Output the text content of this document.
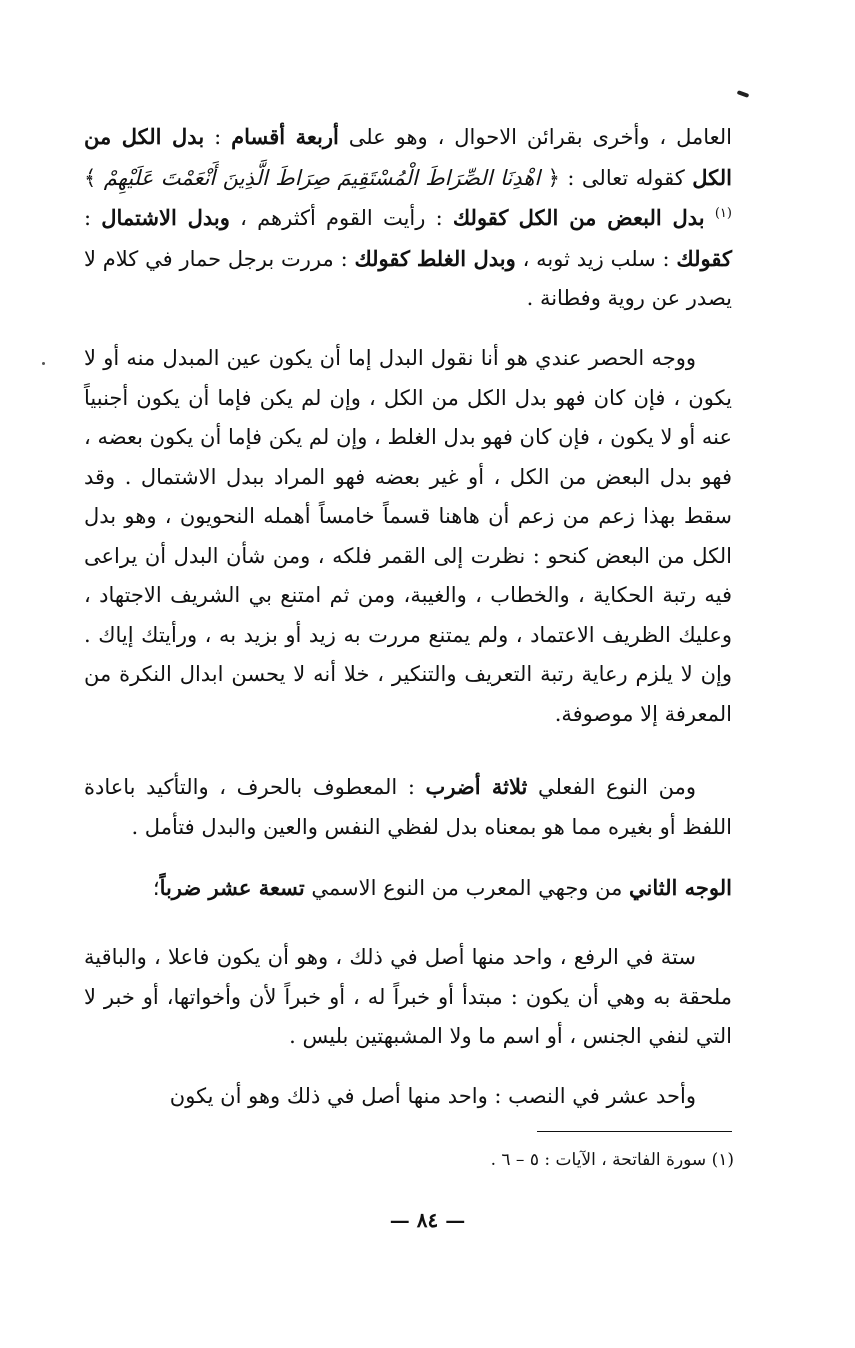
العامل ، وأخرى بقرائن الاحوال ، وهو على أربعة أقسام : بدل الكل من الكل كقوله تعالى : ﴿ اهْدِنَا الصِّرَاطَ الْمُسْتَقِيمَ صِرَاطَ الَّذِينَ أَنْعَمْتَ عَلَيْهِمْ ﴾ $^{(١)}$ بدل البعض من الكل كقولك : رأيت القوم أكثرهم ، وبدل الاشتمال : كقولك : سلب زيد ثوبه ، وبدل الغلط كقولك : مررت برجل حمار في كلام لا يصدر عن روية وفطانة .

ووجه الحصر عندي هو أنا نقول البدل إما أن يكون عين المبدل منه أو لا يكون ، فإن كان فهو بدل الكل من الكل ، وإن لم يكن فإما أن يكون أجنبياً عنه أو لا يكون ، فإن كان فهو بدل الغلط ، وإن لم يكن فإما أن يكون بعضه ، فهو بدل البعض من الكل ، أو غير بعضه فهو المراد ببدل الاشتمال . وقد سقط بهذا زعم من زعم أن هاهنا قسماً خامساً أهمله النحويون ، وهو بدل الكل من البعض كنحو : نظرت إلى القمر فلكه ، ومن شأن البدل أن يراعى فيه رتبة الحكاية ، والخطاب ، والغيبة، ومن ثم امتنع بي الشريف الاجتهاد ، وعليك الظريف الاعتماد ، ولم يمتنع مررت به زيد أو بزيد به ، ورأيتك إياك . وإن لا يلزم رعاية رتبة التعريف والتنكير ، خلا أنه لا يحسن ابدال النكرة من المعرفة إلا موصوفة.

ومن النوع الفعلي ثلاثة أضرب : المعطوف بالحرف ، والتأكيد باعادة اللفظ أو بغيره مما هو بمعناه بدل لفظي النفس والعين والبدل فتأمل .

الوجه الثاني من وجهي المعرب من النوع الاسمي تسعة عشر ضرباً؛

ستة في الرفع ، واحد منها أصل في ذلك ، وهو أن يكون فاعلا ، والباقية ملحقة به وهي أن يكون : مبتدأ أو خبراً له ، أو خبراً لأن وأخواتها، أو خبر لا التي لنفي الجنس ، أو اسم ما ولا المشبهتين بليس .

وأحد عشر في النصب : واحد منها أصل في ذلك وهو أن يكون

(١) سورة الفاتحة ، الآيات : ٥ – ٦ .

— ٨٤ —
